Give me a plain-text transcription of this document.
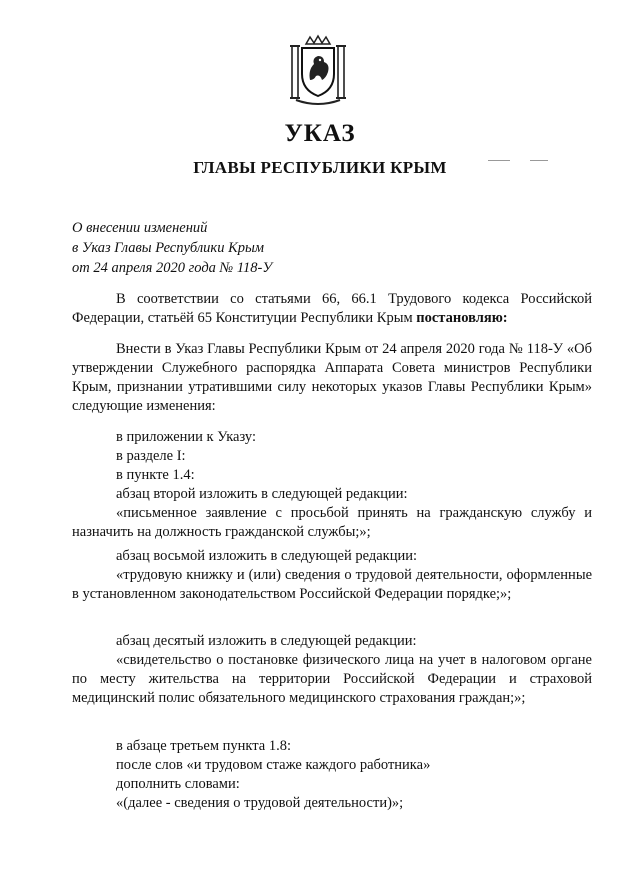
УКАЗ
ГЛАВЫ РЕСПУБЛИКИ КРЫМ
О внесении изменений
в Указ Главы Республики Крым
от 24 апреля 2020 года № 118-У

В соответствии со статьями 66, 66.1 Трудового кодекса Российской Федерации, статьёй 65 Конституции Республики Крым постановляю:

Внести в Указ Главы Республики Крым от 24 апреля 2020 года № 118-У «Об утверждении Служебного распорядка Аппарата Совета министров Республики Крым, признании утратившими силу некоторых указов Главы Республики Крым» следующие изменения:

в приложении к Указу:
в разделе I:
в пункте 1.4:
абзац второй изложить в следующей редакции:

«письменное заявление с просьбой принять на гражданскую службу и назначить на должность гражданской службы;»;

абзац восьмой изложить в следующей редакции:

«трудовую книжку и (или) сведения о трудовой деятельности, оформленные в установленном законодательством Российской Федерации порядке;»;

абзац десятый изложить в следующей редакции:

«свидетельство о постановке физического лица на учет в налоговом органе по месту жительства на территории Российской Федерации и страховой медицинский полис обязательного медицинского страхования граждан;»;

в абзаце третьем пункта 1.8:
после слов «и трудовом стаже каждого работника»
дополнить словами:
«(далее - сведения о трудовой деятельности)»;
